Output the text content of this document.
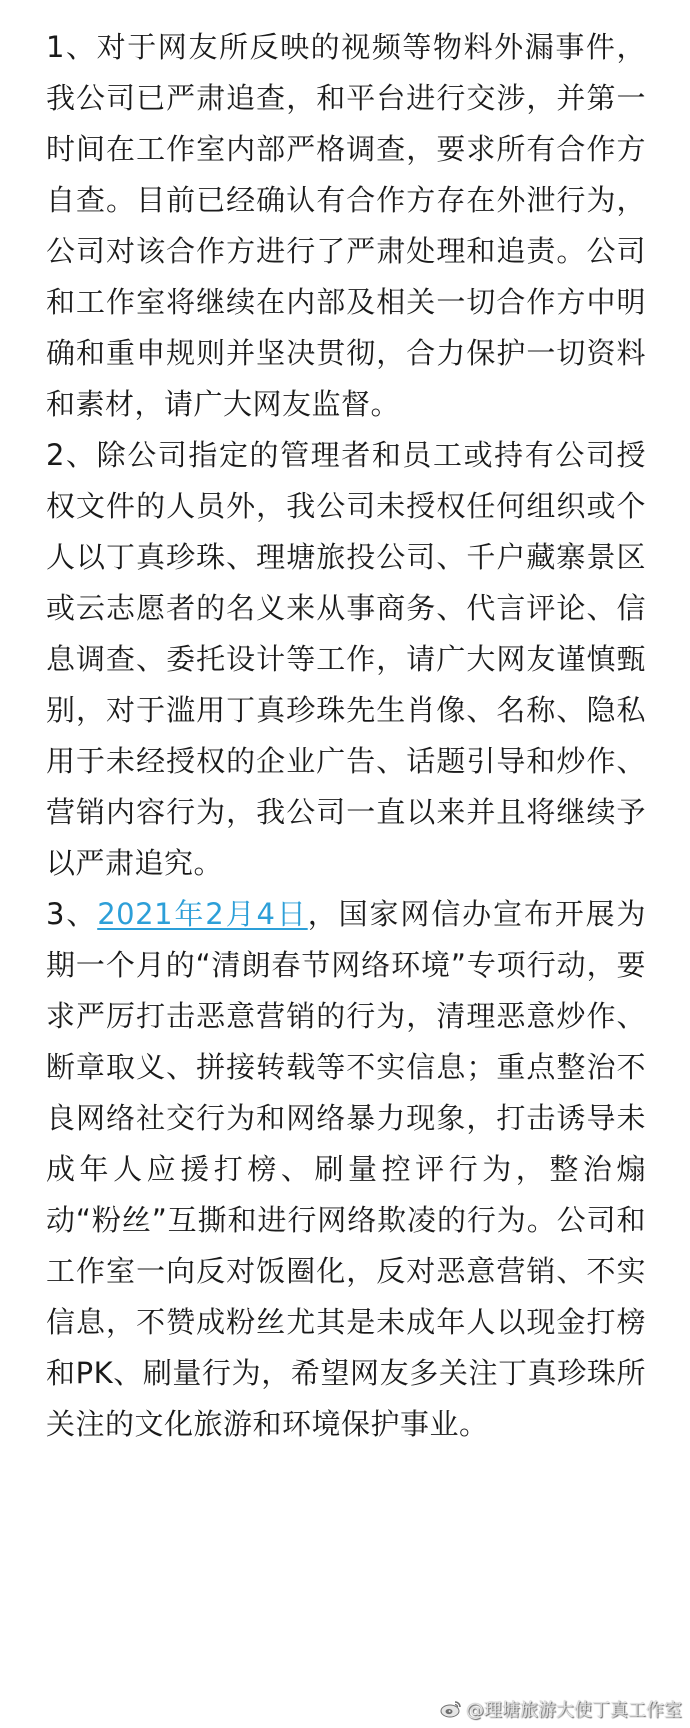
1、对于网友所反映的视频等物料外漏事件，我公司已严肃追查，和平台进行交涉，并第一时间在工作室内部严格调查，要求所有合作方自查。目前已经确认有合作方存在外泄行为，公司对该合作方进行了严肃处理和追责。公司和工作室将继续在内部及相关一切合作方中明确和重申规则并坚决贯彻，合力保护一切资料和素材，请广大网友监督。

2、除公司指定的管理者和员工或持有公司授权文件的人员外，我公司未授权任何组织或个人以丁真珍珠、理塘旅投公司、千户藏寨景区或云志愿者的名义来从事商务、代言评论、信息调查、委托设计等工作，请广大网友谨慎甄别，对于滥用丁真珍珠先生肖像、名称、隐私用于未经授权的企业广告、话题引导和炒作、营销内容行为，我公司一直以来并且将继续予以严肃追究。

3、2021年2月4日，国家网信办宣布开展为期一个月的“清朗春节网络环境”专项行动，要求严厉打击恶意营销的行为，清理恶意炒作、断章取义、拼接转载等不实信息；重点整治不良网络社交行为和网络暴力现象，打击诱导未成年人应援打榜、刷量控评行为，整治煽动“粉丝”互撕和进行网络欺凌的行为。公司和工作室一向反对饭圈化，反对恶意营销、不实信息，不赞成粉丝尤其是未成年人以现金打榜和PK、刷量行为，希望网友多关注丁真珍珠所关注的文化旅游和环境保护事业。

@理塘旅游大使丁真工作室
